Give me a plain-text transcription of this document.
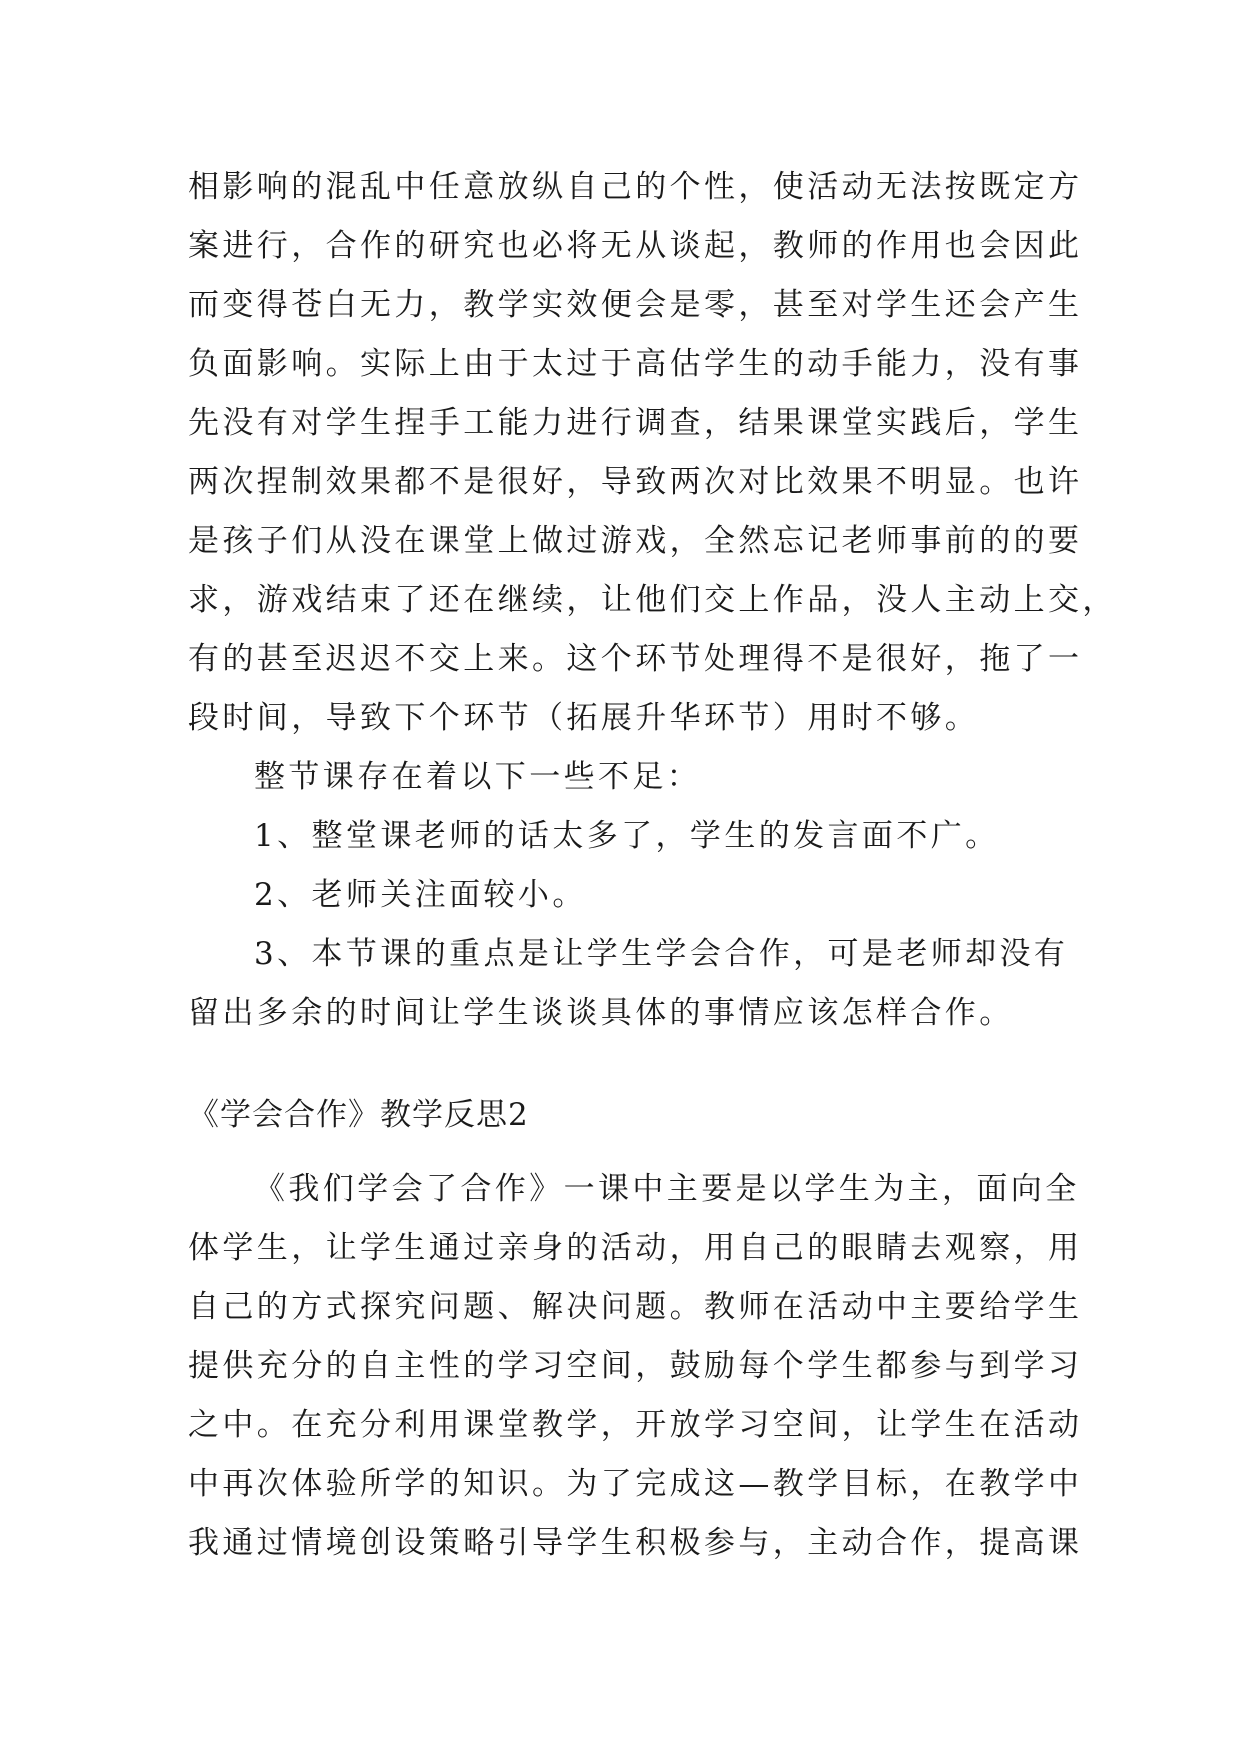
相影响的混乱中任意放纵自己的个性，使活动无法按既定方
案进行，合作的研究也必将无从谈起，教师的作用也会因此
而变得苍白无力，教学实效便会是零，甚至对学生还会产生
负面影响。实际上由于太过于高估学生的动手能力，没有事
先没有对学生捏手工能力进行调查，结果课堂实践后，学生
两次捏制效果都不是很好，导致两次对比效果不明显。也许
是孩子们从没在课堂上做过游戏，全然忘记老师事前的的要
求，游戏结束了还在继续，让他们交上作品，没人主动上交，
有的甚至迟迟不交上来。这个环节处理得不是很好，拖了一
段时间，导致下个环节（拓展升华环节）用时不够。
整节课存在着以下一些不足：
1、整堂课老师的话太多了，学生的发言面不广。
2、老师关注面较小。
3、本节课的重点是让学生学会合作，可是老师却没有
留出多余的时间让学生谈谈具体的事情应该怎样合作。
《学会合作》教学反思2
《我们学会了合作》一课中主要是以学生为主，面向全
体学生，让学生通过亲身的活动，用自己的眼睛去观察，用
自己的方式探究问题、解决问题。教师在活动中主要给学生
提供充分的自主性的学习空间，鼓励每个学生都参与到学习
之中。在充分利用课堂教学，开放学习空间，让学生在活动
中再次体验所学的知识。为了完成这—教学目标，在教学中
我通过情境创设策略引导学生积极参与，主动合作，提高课
